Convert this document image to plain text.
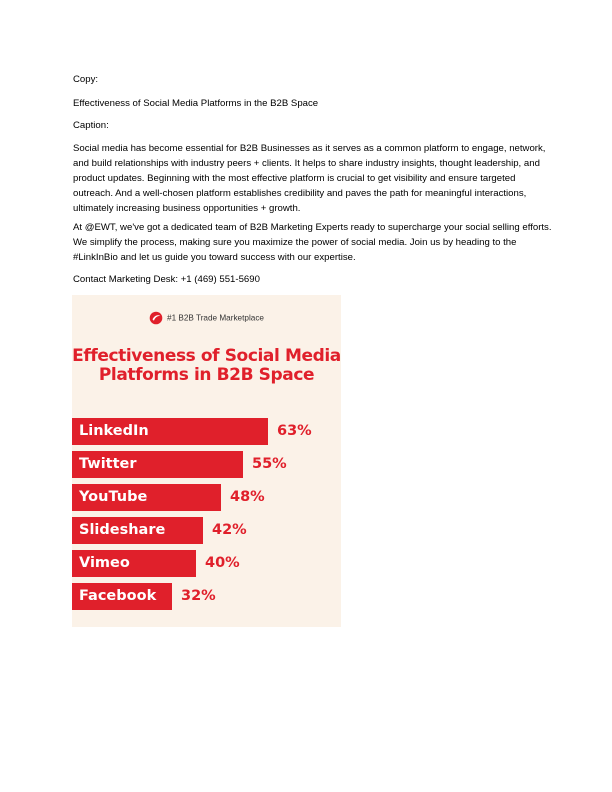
Copy:

Effectiveness of Social Media Platforms in the B2B Space

Caption:

Social media has become essential for B2B Businesses as it serves as a common platform to engage, network, and build relationships with industry peers + clients. It helps to share industry insights, thought leadership, and product updates. Beginning with the most effective platform is crucial to get visibility and ensure targeted outreach. And a well-chosen platform establishes credibility and paves the path for meaningful interactions, ultimately increasing business opportunities + growth.

At @EWT, we've got a dedicated team of B2B Marketing Experts ready to supercharge your social selling efforts. We simplify the process, making sure you maximize the power of social media. Join us by heading to the #LinkInBio and let us guide you toward success with our expertise.

Contact Marketing Desk: +1 (469) 551-5690

#1 B2B Trade Marketplace
Effectiveness of Social Media
Platforms in B2B Space
LinkedIn	63%
Twitter	55%
YouTube	48%
Slideshare	42%
Vimeo	40%
Facebook 32%
